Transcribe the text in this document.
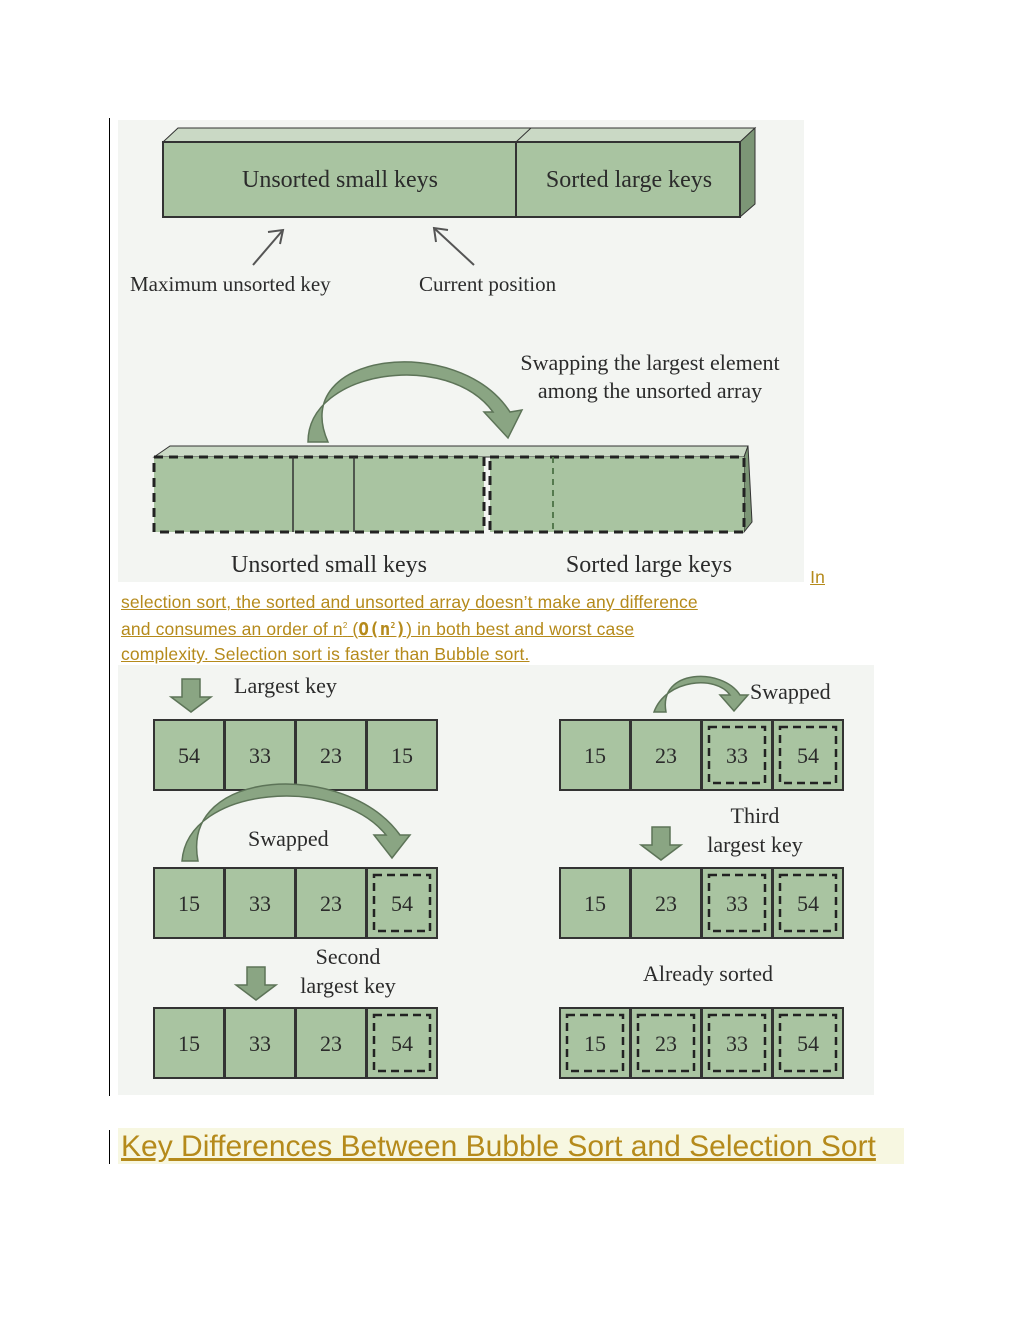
Unsorted small keys	Sorted large keys
Maximum unsorted key	Current position
Swapping the largest element
among the unsorted array
Unsorted small keys	Sorted large keys	In
selection sort, the sorted and unsorted array doesn’t make any difference
and consumes an order of $n^2$ $(O(n^2))$ in both best and worst case
complexity. Selection sort is faster than Bubble sort.
Largest key
54 33 23 15
Swapped
15 33 23 54
Second
largest key
15 33 23 54
Swapped
15 23 33 54
Third
largest key
15 23 33 54
Already sorted
15 23 33 54
Key Differences Between Bubble Sort and Selection Sort
